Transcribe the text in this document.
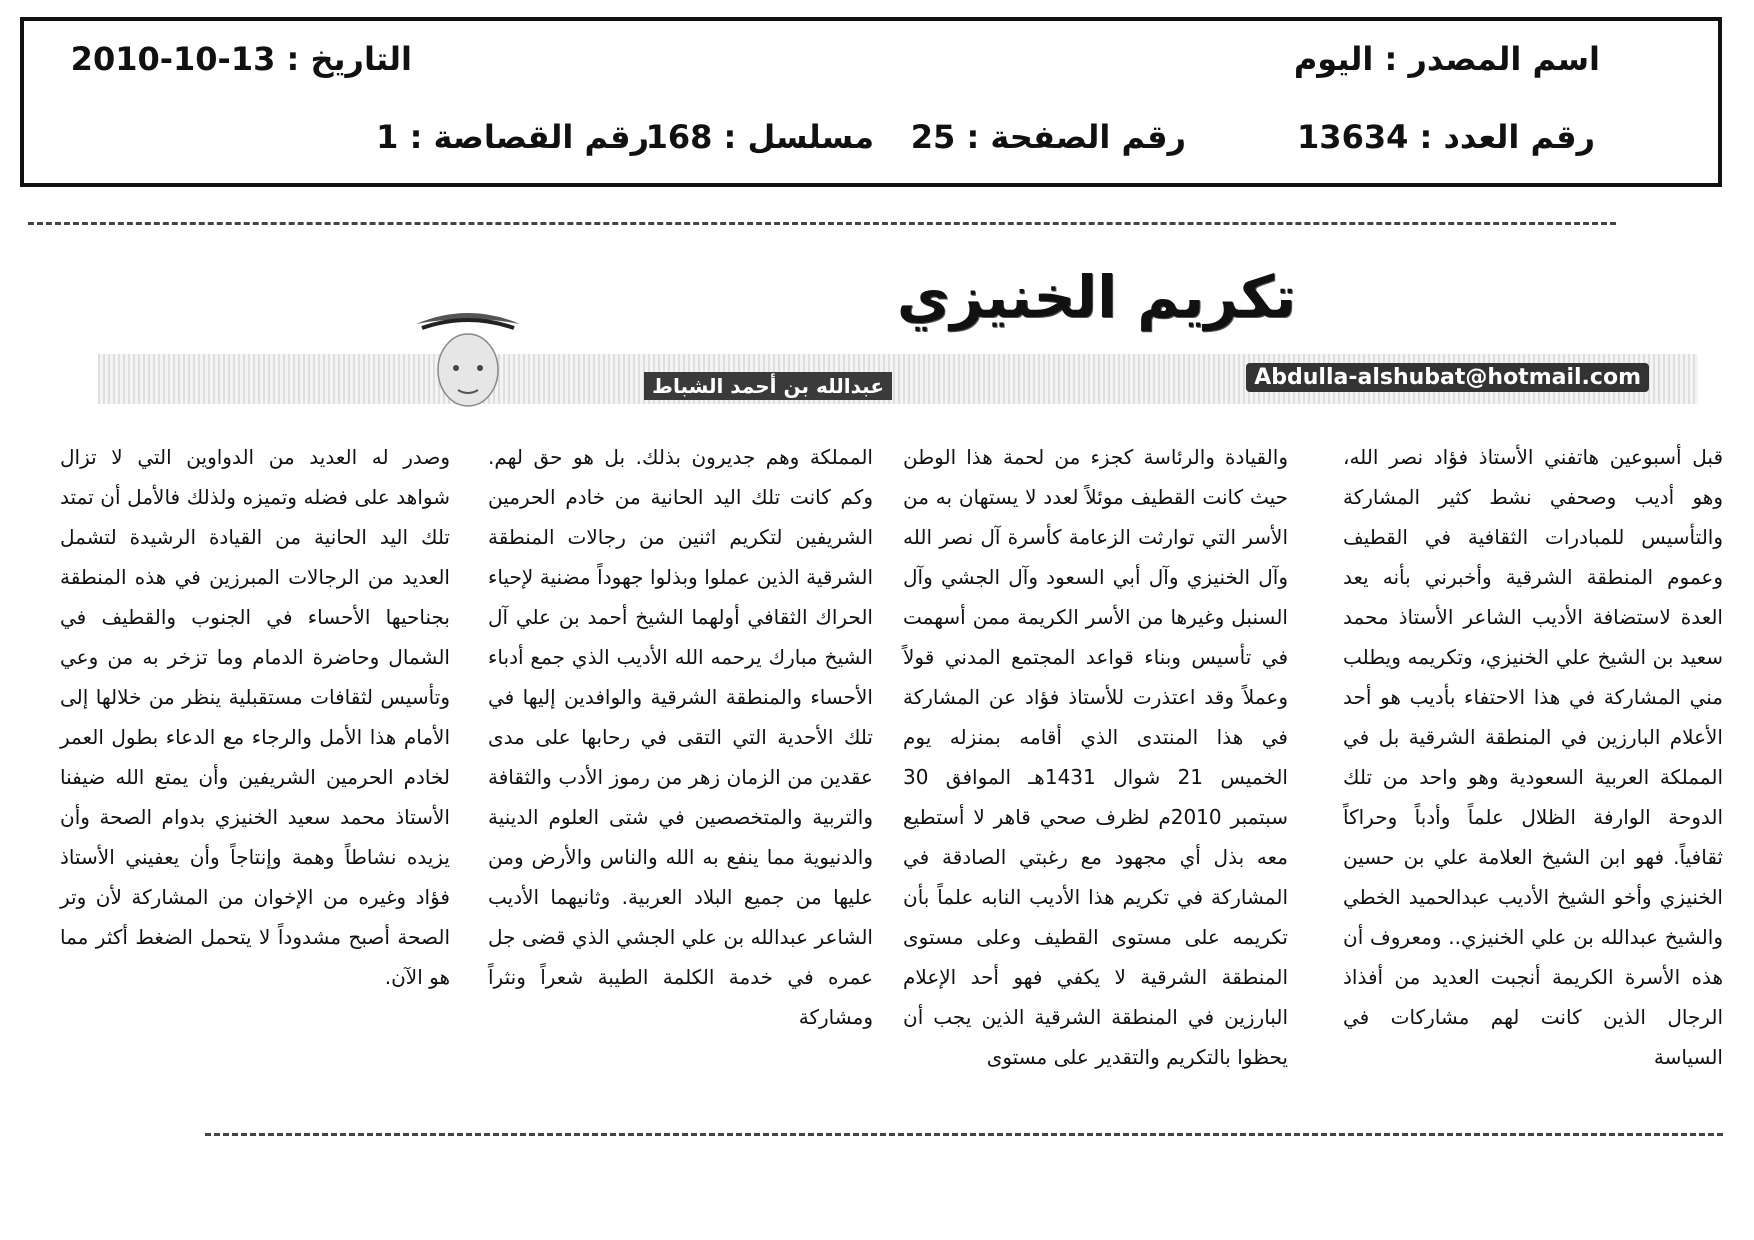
اسم المصدر : اليوم
التاريخ : 13-10-2010
رقم العدد : 13634
رقم الصفحة : 25
مسلسل : 168
رقم القصاصة : 1
تكريم الخنيزي
Abdulla-alshubat@hotmail.com
عبدالله بن أحمد الشباط

قبل أسبوعين هاتفني الأستاذ فؤاد نصر الله، وهو أديب وصحفي نشط كثير المشاركة والتأسيس للمبادرات الثقافية في القطيف وعموم المنطقة الشرقية وأخبرني بأنه يعد العدة لاستضافة الأديب الشاعر الأستاذ محمد سعيد بن الشيخ علي الخنيزي، وتكريمه ويطلب مني المشاركة في هذا الاحتفاء بأديب هو أحد الأعلام البارزين في المنطقة الشرقية بل في المملكة العربية السعودية وهو واحد من تلك الدوحة الوارفة الظلال علماً وأدباً وحراكاً ثقافياً. فهو ابن الشيخ العلامة علي بن حسين الخنيزي وأخو الشيخ الأديب عبدالحميد الخطي والشيخ عبدالله بن علي الخنيزي.. ومعروف أن هذه الأسرة الكريمة أنجبت العديد من أفذاذ الرجال الذين كانت لهم مشاركات في السياسة

والقيادة والرئاسة كجزء من لحمة هذا الوطن حيث كانت القطيف موئلاً لعدد لا يستهان به من الأسر التي توارثت الزعامة كأسرة آل نصر الله وآل الخنيزي وآل أبي السعود وآل الجشي وآل السنبل وغيرها من الأسر الكريمة ممن أسهمت في تأسيس وبناء قواعد المجتمع المدني قولاً وعملاً وقد اعتذرت للأستاذ فؤاد عن المشاركة في هذا المنتدى الذي أقامه بمنزله يوم الخميس 21 شوال 1431هـ الموافق 30 سبتمبر 2010م لظرف صحي قاهر لا أستطيع معه بذل أي مجهود مع رغبتي الصادقة في المشاركة في تكريم هذا الأديب النابه علماً بأن تكريمه على مستوى القطيف وعلى مستوى المنطقة الشرقية لا يكفي فهو أحد الإعلام البارزين في المنطقة الشرقية الذين يجب أن يحظوا بالتكريم والتقدير على مستوى

المملكة وهم جديرون بذلك. بل هو حق لهم. وكم كانت تلك اليد الحانية من خادم الحرمين الشريفين لتكريم اثنين من رجالات المنطقة الشرقية الذين عملوا وبذلوا جهوداً مضنية لإحياء الحراك الثقافي أولهما الشيخ أحمد بن علي آل الشيخ مبارك يرحمه الله الأديب الذي جمع أدباء الأحساء والمنطقة الشرقية والوافدين إليها في تلك الأحدية التي التقى في رحابها على مدى عقدين من الزمان زهر من رموز الأدب والثقافة والتربية والمتخصصين في شتى العلوم الدينية والدنيوية مما ينفع به الله والناس والأرض ومن عليها من جميع البلاد العربية. وثانيهما الأديب الشاعر عبدالله بن علي الجشي الذي قضى جل عمره في خدمة الكلمة الطيبة شعراً ونثراً ومشاركة

وصدر له العديد من الدواوين التي لا تزال شواهد على فضله وتميزه ولذلك فالأمل أن تمتد تلك اليد الحانية من القيادة الرشيدة لتشمل العديد من الرجالات المبرزين في هذه المنطقة بجناحيها الأحساء في الجنوب والقطيف في الشمال وحاضرة الدمام وما تزخر به من وعي وتأسيس لثقافات مستقبلية ينظر من خلالها إلى الأمام هذا الأمل والرجاء مع الدعاء بطول العمر لخادم الحرمين الشريفين وأن يمتع الله ضيفنا الأستاذ محمد سعيد الخنيزي بدوام الصحة وأن يزيده نشاطاً وهمة وإنتاجاً وأن يعفيني الأستاذ فؤاد وغيره من الإخوان من المشاركة لأن وتر الصحة أصبح مشدوداً لا يتحمل الضغط أكثر مما هو الآن.
